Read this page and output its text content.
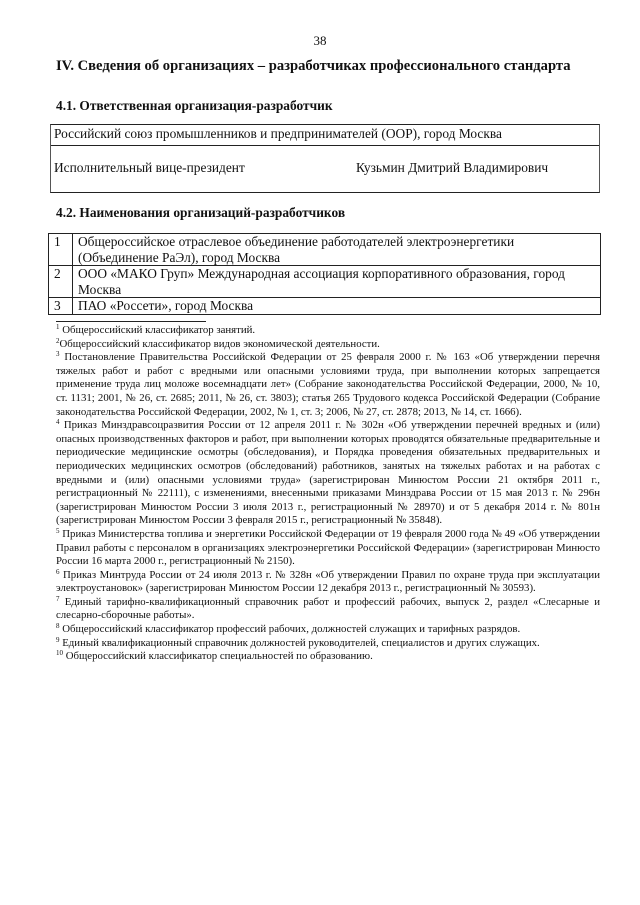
38
IV. Сведения об организациях – разработчиках профессионального стандарта
4.1. Ответственная организация-разработчик
Российский союз промышленников и предпринимателей (ООР), город Москва
Исполнительный вице-президент	Кузьмин Дмитрий Владимирович
4.2. Наименования организаций-разработчиков
1	Общероссийское отраслевое объединение работодателей электроэнергетики (Объединение РаЭл), город Москва
2	ООО «МАКО Груп» Международная ассоциация корпоративного образования, город Москва
3	ПАО «Россети», город Москва

$^1$ Общероссийский классификатор занятий.

$^2$Общероссийский классификатор видов экономической деятельности.

$^3$ Постановление Правительства Российской Федерации от 25 февраля 2000 г. № 163 «Об утверждении перечня тяжелых работ и работ с вредными или опасными условиями труда, при выполнении которых запрещается применение труда лиц моложе восемнадцати лет» (Собрание законодательства Российской Федерации, 2000, № 10, ст. 1131; 2001, № 26, ст. 2685; 2011, № 26, ст. 3803); статья 265 Трудового кодекса Российской Федерации (Собрание законодательства Российской Федерации, 2002, № 1, ст. 3; 2006, № 27, ст. 2878; 2013, № 14, ст. 1666).

$^4$ Приказ Минздравсоцразвития России от 12 апреля 2011 г. № 302н «Об утверждении перечней вредных и (или) опасных производственных факторов и работ, при выполнении которых проводятся обязательные предварительные и периодические медицинские осмотры (обследования), и Порядка проведения обязательных предварительных и периодических медицинских осмотров (обследований) работников, занятых на тяжелых работах и на работах с вредными и (или) опасными условиями труда» (зарегистрирован Минюстом России 21 октября 2011 г., регистрационный № 22111), с изменениями, внесенными приказами Минздрава России от 15 мая 2013 г. № 296н (зарегистрирован Минюстом России 3 июля 2013 г., регистрационный № 28970) и от 5 декабря 2014 г. № 801н (зарегистрирован Минюстом России 3 февраля 2015 г., регистрационный № 35848).

$^5$ Приказ Министерства топлива и энергетики Российской Федерации от 19 февраля 2000 года № 49 «Об утверждении Правил работы с персоналом в организациях электроэнергетики Российской Федерации» (зарегистрирован Минюсто России 16 марта 2000 г., регистрационный № 2150).

$^6$ Приказ Минтруда России от 24 июля 2013 г. № 328н «Об утверждении Правил по охране труда при эксплуатации электроустановок» (зарегистрирован Минюстом России 12 декабря 2013 г., регистрационный № 30593).

$^7$ Единый тарифно-квалификационный справочник работ и профессий рабочих, выпуск 2, раздел «Слесарные и слесарно-сборочные работы».

$^8$ Общероссийский классификатор профессий рабочих, должностей служащих и тарифных разрядов.

$^9$ Единый квалификационный справочник должностей руководителей, специалистов и других служащих.

$^{10}$ Общероссийский классификатор специальностей по образованию.
